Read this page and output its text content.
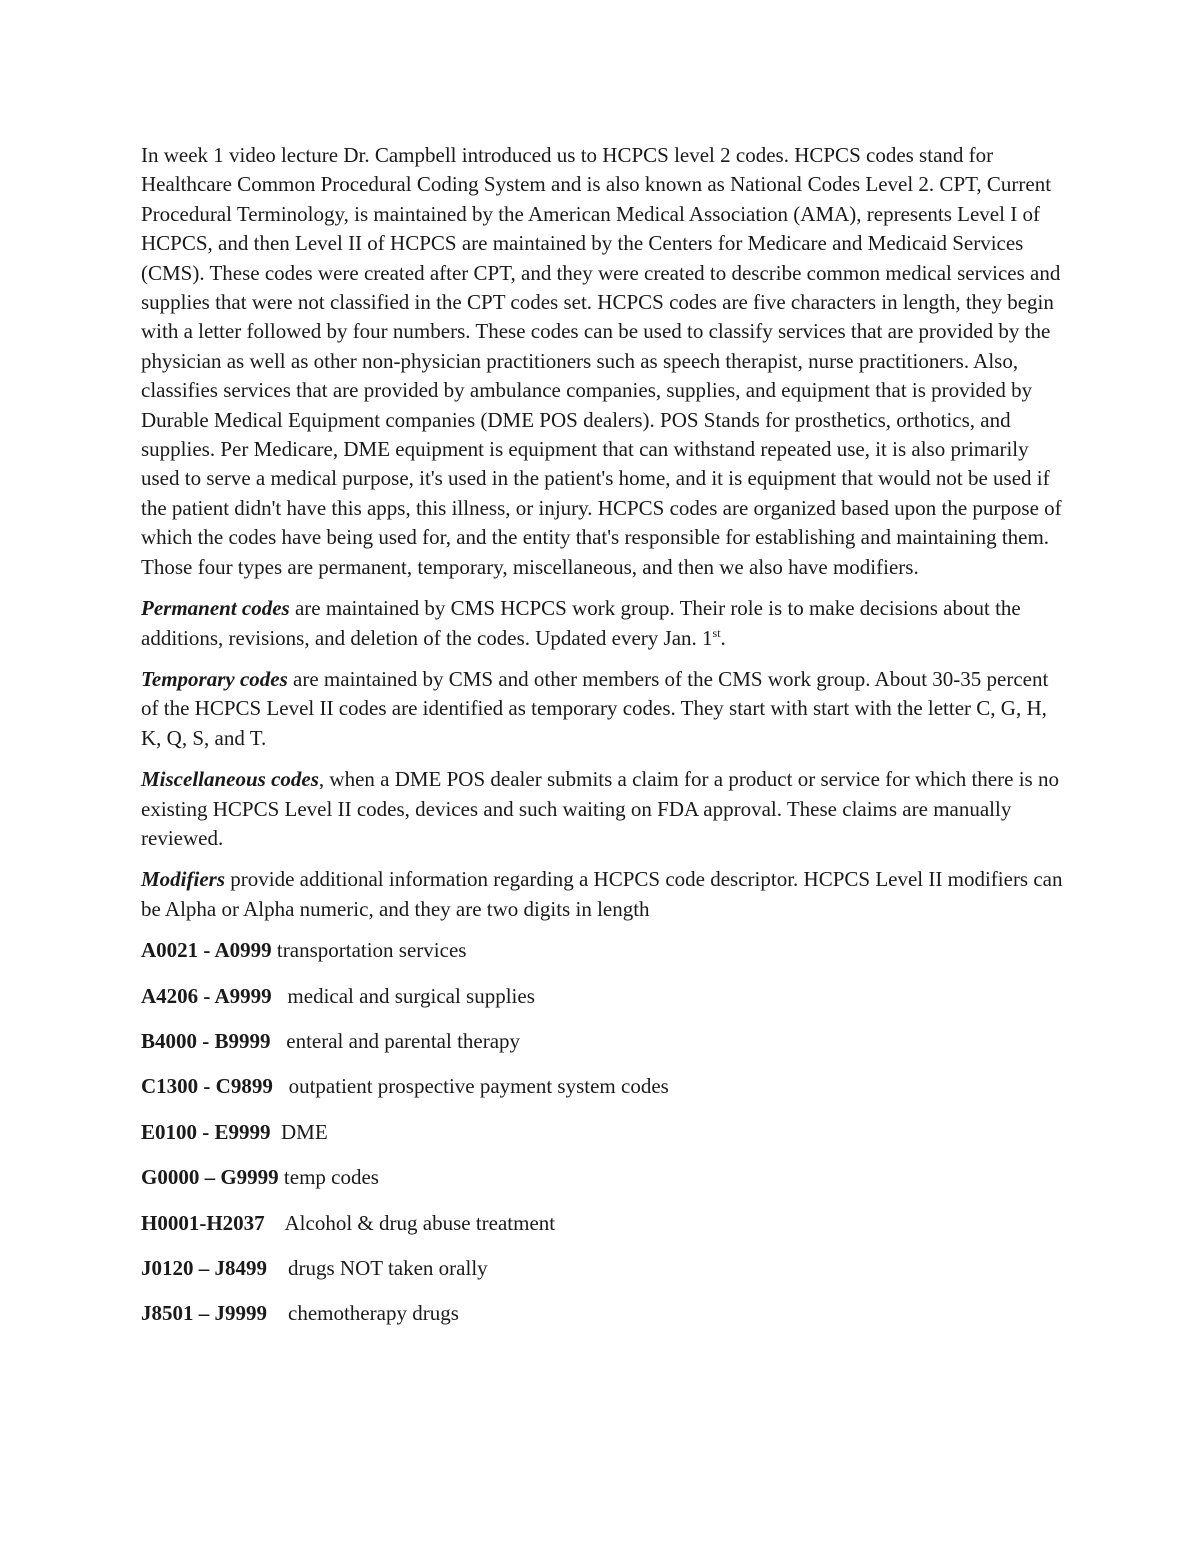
In week 1 video lecture Dr. Campbell introduced us to HCPCS level 2 codes. HCPCS codes stand for Healthcare Common Procedural Coding System and is also known as National Codes Level 2. CPT, Current Procedural Terminology, is maintained by the American Medical Association (AMA), represents Level I of HCPCS, and then Level II of HCPCS are maintained by the Centers for Medicare and Medicaid Services (CMS). These codes were created after CPT, and they were created to describe common medical services and supplies that were not classified in the CPT codes set. HCPCS codes are five characters in length, they begin with a letter followed by four numbers. These codes can be used to classify services that are provided by the physician as well as other non-physician practitioners such as speech therapist, nurse practitioners. Also, classifies services that are provided by ambulance companies, supplies, and equipment that is provided by Durable Medical Equipment companies (DME POS dealers). POS Stands for prosthetics, orthotics, and supplies. Per Medicare, DME equipment is equipment that can withstand repeated use, it is also primarily used to serve a medical purpose, it's used in the patient's home, and it is equipment that would not be used if the patient didn't have this apps, this illness, or injury. HCPCS codes are organized based upon the purpose of which the codes have being used for, and the entity that's responsible for establishing and maintaining them. Those four types are permanent, temporary, miscellaneous, and then we also have modifiers.

Permanent codes are maintained by CMS HCPCS work group. Their role is to make decisions about the additions, revisions, and deletion of the codes. Updated every Jan. 1st.

Temporary codes are maintained by CMS and other members of the CMS work group. About 30-35 percent of the HCPCS Level II codes are identified as temporary codes. They start with start with the letter C, G, H, K, Q, S, and T.

Miscellaneous codes, when a DME POS dealer submits a claim for a product or service for which there is no existing HCPCS Level II codes, devices and such waiting on FDA approval. These claims are manually reviewed.

Modifiers provide additional information regarding a HCPCS code descriptor. HCPCS Level II modifiers can be Alpha or Alpha numeric, and they are two digits in length

A0021 - A0999 transportation services

A4206 - A9999 medical and surgical supplies

B4000 - B9999 enteral and parental therapy

C1300 - C9899 outpatient prospective payment system codes

E0100 - E9999 DME

G0000 – G9999 temp codes

H0001-H2037 Alcohol & drug abuse treatment

J0120 – J8499 drugs NOT taken orally

J8501 – J9999 chemotherapy drugs
